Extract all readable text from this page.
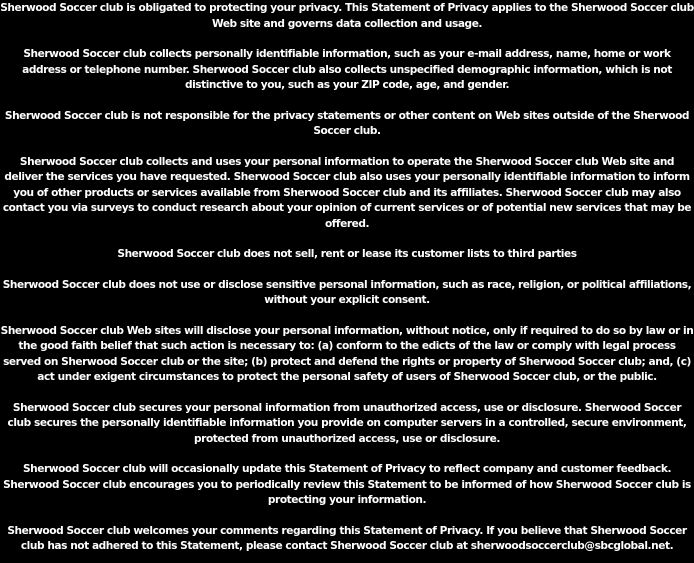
Sherwood Soccer club is obligated to protecting your privacy. This Statement of Privacy applies to the Sherwood Soccer club Web site and governs data collection and usage.

Sherwood Soccer club collects personally identifiable information, such as your e-mail address, name, home or work address or telephone number. Sherwood Soccer club also collects unspecified demographic information, which is not distinctive to you, such as your ZIP code, age, and gender.

Sherwood Soccer club is not responsible for the privacy statements or other content on Web sites outside of the Sherwood Soccer club.

Sherwood Soccer club collects and uses your personal information to operate the Sherwood Soccer club Web site and deliver the services you have requested. Sherwood Soccer club also uses your personally identifiable information to inform you of other products or services available from Sherwood Soccer club and its affiliates. Sherwood Soccer club may also contact you via surveys to conduct research about your opinion of current services or of potential new services that may be offered.

Sherwood Soccer club does not sell, rent or lease its customer lists to third parties

Sherwood Soccer club does not use or disclose sensitive personal information, such as race, religion, or political affiliations, without your explicit consent.

Sherwood Soccer club Web sites will disclose your personal information, without notice, only if required to do so by law or in the good faith belief that such action is necessary to: (a) conform to the edicts of the law or comply with legal process served on Sherwood Soccer club or the site; (b) protect and defend the rights or property of Sherwood Soccer club; and, (c) act under exigent circumstances to protect the personal safety of users of Sherwood Soccer club, or the public.

Sherwood Soccer club secures your personal information from unauthorized access, use or disclosure. Sherwood Soccer club secures the personally identifiable information you provide on computer servers in a controlled, secure environment, protected from unauthorized access, use or disclosure.

Sherwood Soccer club will occasionally update this Statement of Privacy to reflect company and customer feedback. Sherwood Soccer club encourages you to periodically review this Statement to be informed of how Sherwood Soccer club is protecting your information.

Sherwood Soccer club welcomes your comments regarding this Statement of Privacy. If you believe that Sherwood Soccer club has not adhered to this Statement, please contact Sherwood Soccer club at sherwoodsoccerclub@sbcglobal.net.
